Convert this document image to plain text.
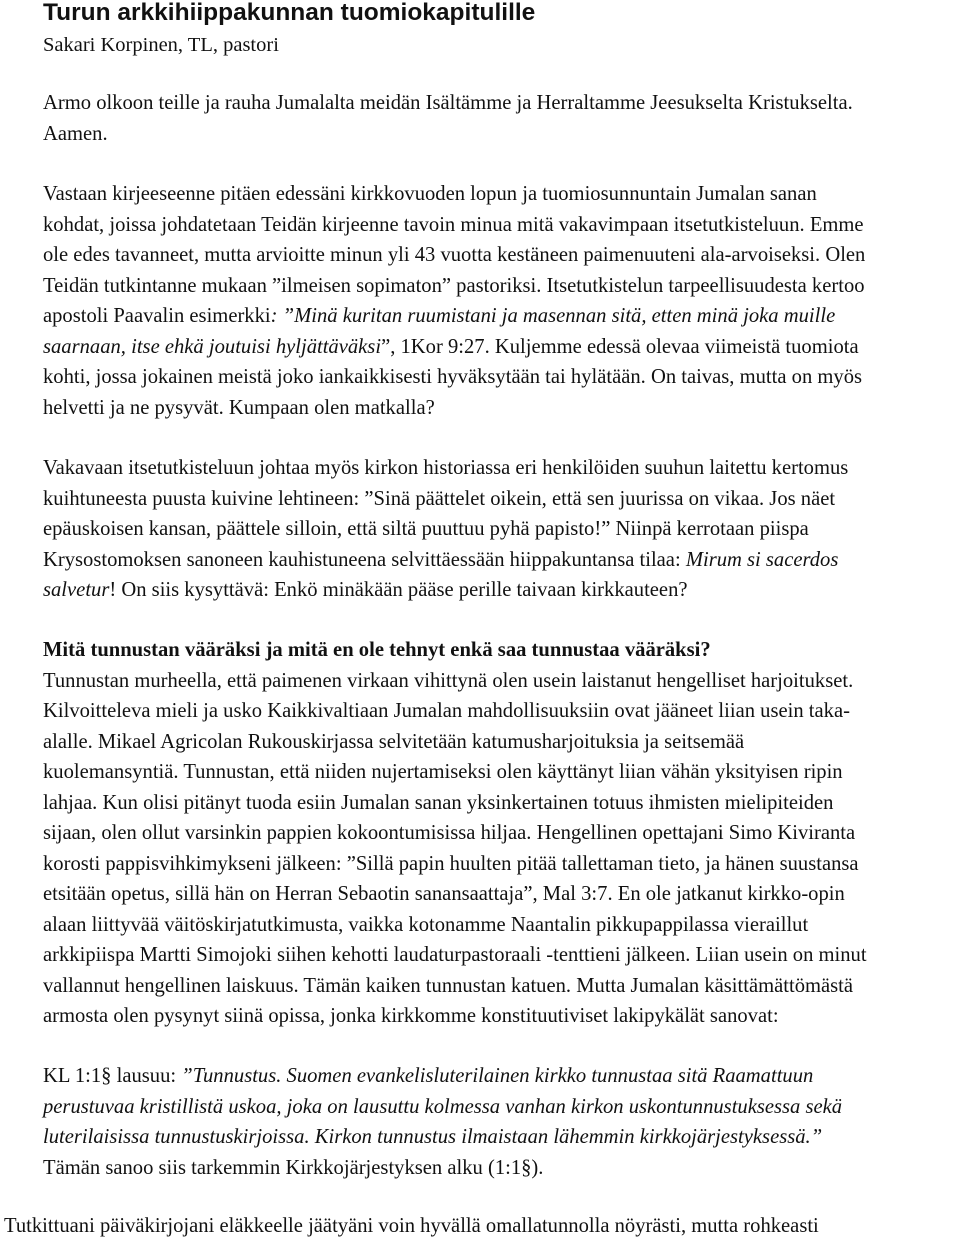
Turun arkkihiippakunnan tuomiokapitulille
Sakari Korpinen, TL, pastori
Armo olkoon teille ja rauha Jumalalta meidän Isältämme ja Herraltamme Jeesukselta Kristukselta.
Aamen.
Vastaan kirjeeseenne pitäen edessäni kirkkovuoden lopun ja tuomiosunnuntain Jumalan sanan
kohdat, joissa johdatetaan Teidän kirjeenne tavoin minua mitä vakavimpaan itsetutkisteluun. Emme
ole edes tavanneet, mutta arvioitte minun yli 43 vuotta kestäneen paimenuuteni ala-arvoiseksi. Olen
Teidän tutkintanne mukaan ”ilmeisen sopimaton” pastoriksi. Itsetutkistelun tarpeellisuudesta kertoo
apostoli Paavalin esimerkki: ”Minä kuritan ruumistani ja masennan sitä, etten minä joka muille
saarnaan, itse ehkä joutuisi hyljättäväksi”, 1Kor 9:27. Kuljemme edessä olevaa viimeistä tuomiota
kohti, jossa jokainen meistä joko iankaikkisesti hyväksytään tai hylätään. On taivas, mutta on myös
helvetti ja ne pysyvät. Kumpaan olen matkalla?
Vakavaan itsetutkisteluun johtaa myös kirkon historiassa eri henkilöiden suuhun laitettu kertomus
kuihtuneesta puusta kuivine lehtineen: ”Sinä päättelet oikein, että sen juurissa on vikaa. Jos näet
epäuskoisen kansan, päättele silloin, että siltä puuttuu pyhä papisto!” Niinpä kerrotaan piispa
Krysostomoksen sanoneen kauhistuneena selvittäessään hiippakuntansa tilaa: Mirum si sacerdos
salvetur! On siis kysyttävä: Enkö minäkään pääse perille taivaan kirkkauteen?
Mitä tunnustan vääräksi ja mitä en ole tehnyt enkä saa tunnustaa vääräksi?
Tunnustan murheella, että paimenen virkaan vihittynä olen usein laistanut hengelliset harjoitukset.
Kilvoitteleva mieli ja usko Kaikkivaltiaan Jumalan mahdollisuuksiin ovat jääneet liian usein taka-
alalle. Mikael Agricolan Rukouskirjassa selvitetään katumusharjoituksia ja seitsemää
kuolemansyntiä. Tunnustan, että niiden nujertamiseksi olen käyttänyt liian vähän yksityisen ripin
lahjaa. Kun olisi pitänyt tuoda esiin Jumalan sanan yksinkertainen totuus ihmisten mielipiteiden
sijaan, olen ollut varsinkin pappien kokoontumisissa hiljaa. Hengellinen opettajani Simo Kiviranta
korosti pappisvihkimykseni jälkeen: ”Sillä papin huulten pitää tallettaman tieto, ja hänen suustansa
etsitään opetus, sillä hän on Herran Sebaotin sanansaattaja”, Mal 3:7. En ole jatkanut kirkko-opin
alaan liittyvää väitöskirjatutkimusta, vaikka kotonamme Naantalin pikkupappilassa vieraillut
arkkipiispa Martti Simojoki siihen kehotti laudaturpastoraali -tenttieni jälkeen. Liian usein on minut
vallannut hengellinen laiskuus. Tämän kaiken tunnustan katuen. Mutta Jumalan käsittämättömästä
armosta olen pysynyt siinä opissa, jonka kirkkomme konstituutiviset lakipykälät sanovat:
KL 1:1§ lausuu: ”Tunnustus. Suomen evankelisluterilainen kirkko tunnustaa sitä Raamattuun
perustuvaa kristillistä uskoa, joka on lausuttu kolmessa vanhan kirkon uskontunnustuksessa sekä
luterilaisissa tunnustuskirjoissa. Kirkon tunnustus ilmaistaan lähemmin kirkkojärjestyksessä.”
Tämän sanoo siis tarkemmin Kirkkojärjestyksen alku (1:1§).
Tutkittuani päiväkirjojani eläkkeelle jäätyäni voin hyvällä omallatunnolla nöyrästi, mutta rohkeasti
